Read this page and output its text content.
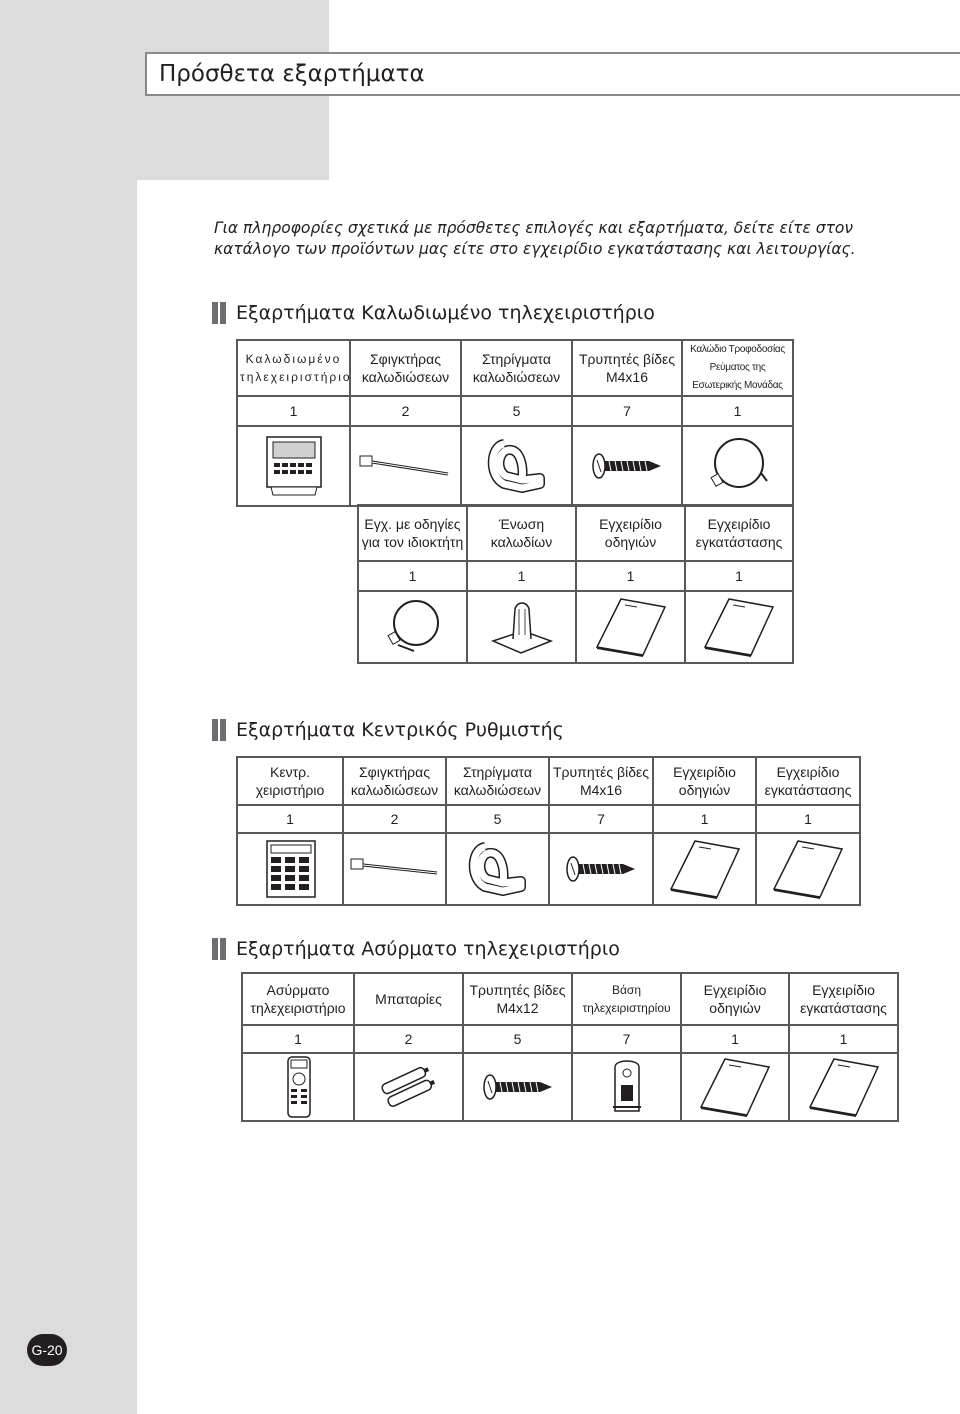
Πρόσθετα εξαρτήματα
Για πληροφορίες σχετικά με πρόσθετες επιλογές και εξαρτήματα, δείτε είτε στον κατάλογο των προϊόντων μας είτε στο εγχειρίδιο εγκατάστασης και λειτουργίας.
Εξαρτήματα Καλωδιωμένο τηλεχειριστήριο
Καλωδιωμένο τηλεχειριστήριο	Σφιγκτήρας καλωδιώσεων	Στηρίγματα καλωδιώσεων	Τρυπητές βίδες M4x16	Καλώδιο Τροφοδοσίας Ρεύματος της Εσωτερικής Μονάδας
1	2	5	7	1

Εγχ. με οδηγίες για τον ιδιοκτήτη	Ένωση καλωδίων	Εγχειρίδιο οδηγιών	Εγχειρίδιο εγκατάστασης
1	1	1	1

Εξαρτήματα Κεντρικός Ρυθμιστής
Κεντρ. χειριστήριο	Σφιγκτήρας καλωδιώσεων	Στηρίγματα καλωδιώσεων	Τρυπητές βίδες M4x16	Εγχειρίδιο οδηγιών	Εγχειρίδιο εγκατάστασης
1	2	5	7	1	1

Εξαρτήματα Ασύρματο τηλεχειριστήριο
Ασύρματο τηλεχειριστήριο	Μπαταρίες	Τρυπητές βίδες M4x12	Βάση τηλεχειριστηρίου	Εγχειρίδιο οδηγιών	Εγχειρίδιο εγκατάστασης
1	2	5	7	1	1

G-20
